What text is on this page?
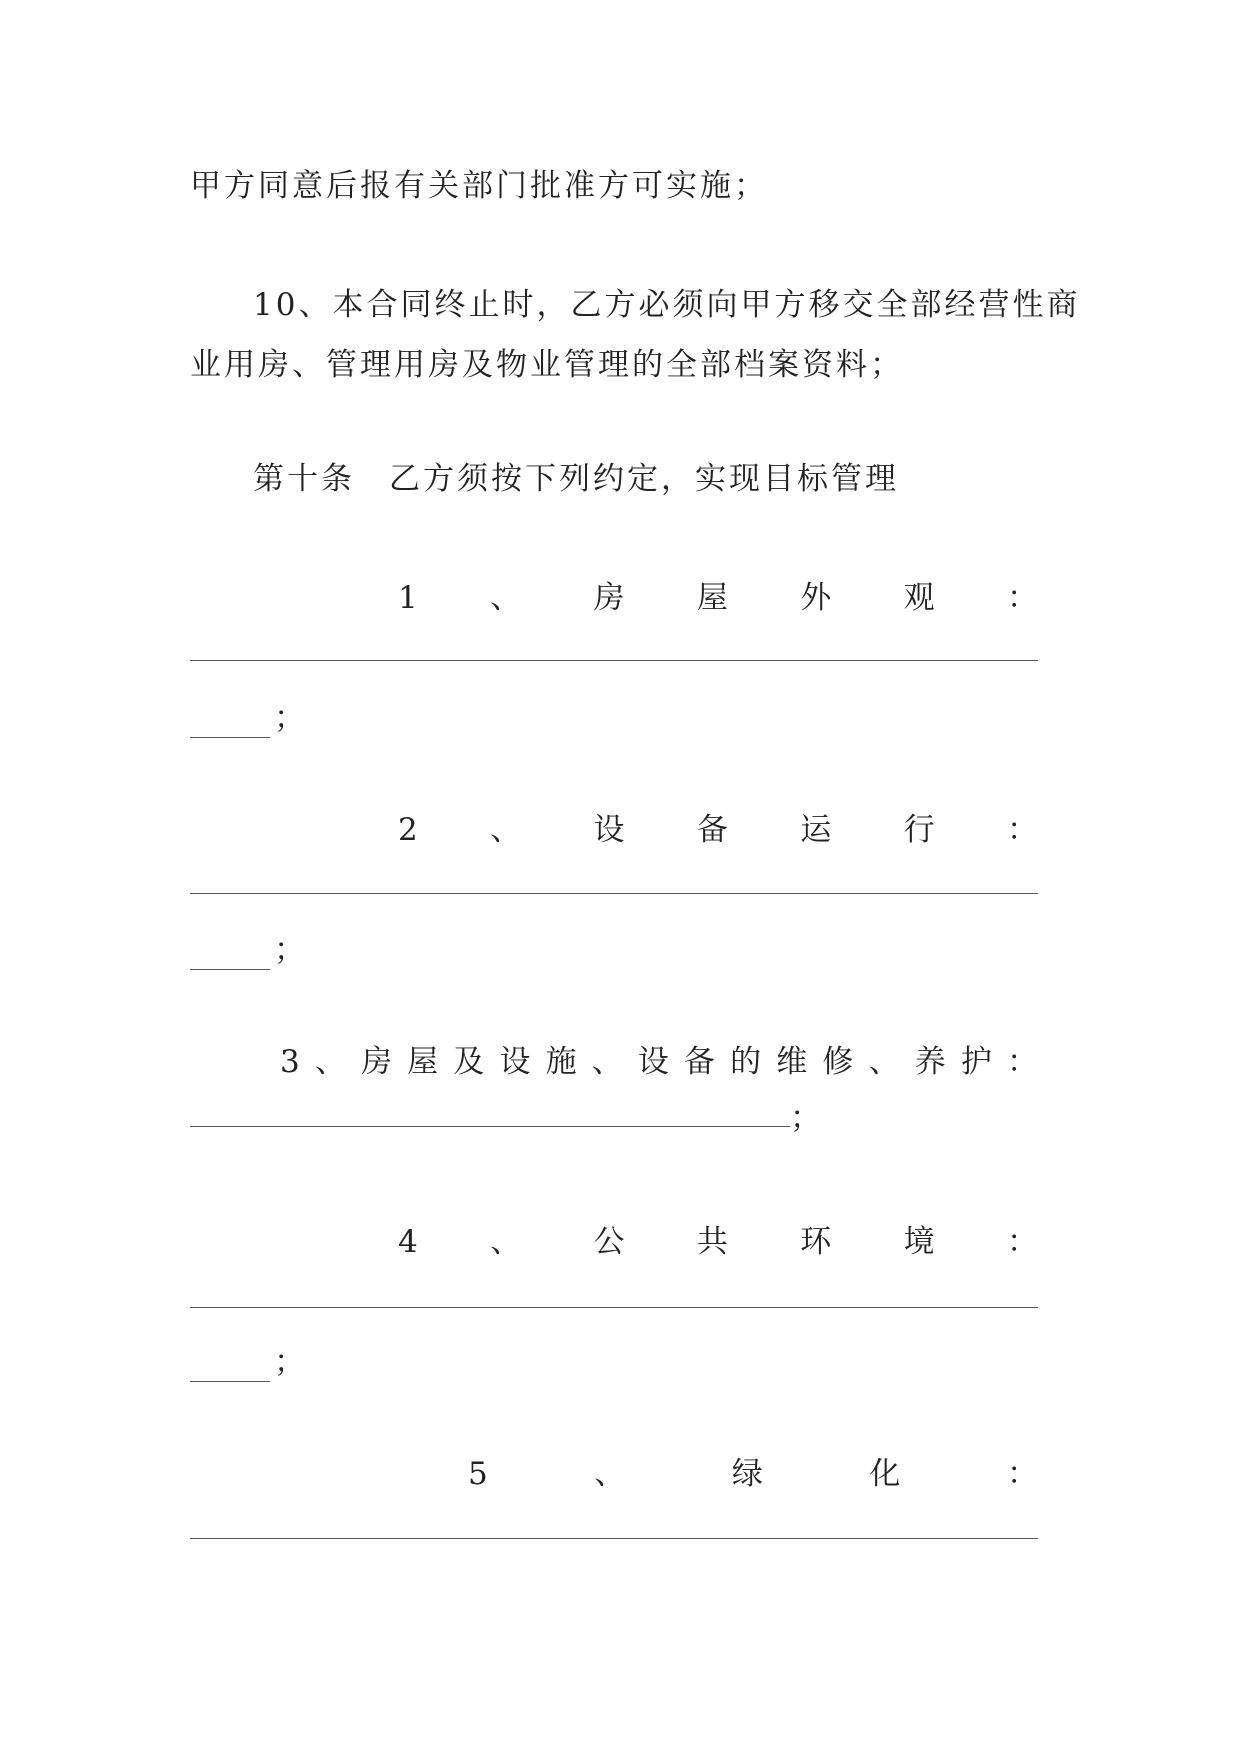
甲方同意后报有关部门批准方可实施；
10、本合同终止时，乙方必须向甲方移交全部经营性商
业用房、管理用房及物业管理的全部档案资料；
第十条　乙方须按下列约定，实现目标管理
1 、 房 屋 外 观 ：
；
2 、 设 备 运 行 ：
；
3 、 房 屋 及 设 施 、 设 备 的 维 修 、 养 护 ：
；
4 、 公 共 环 境 ：
；
5	、	绿	化	：
